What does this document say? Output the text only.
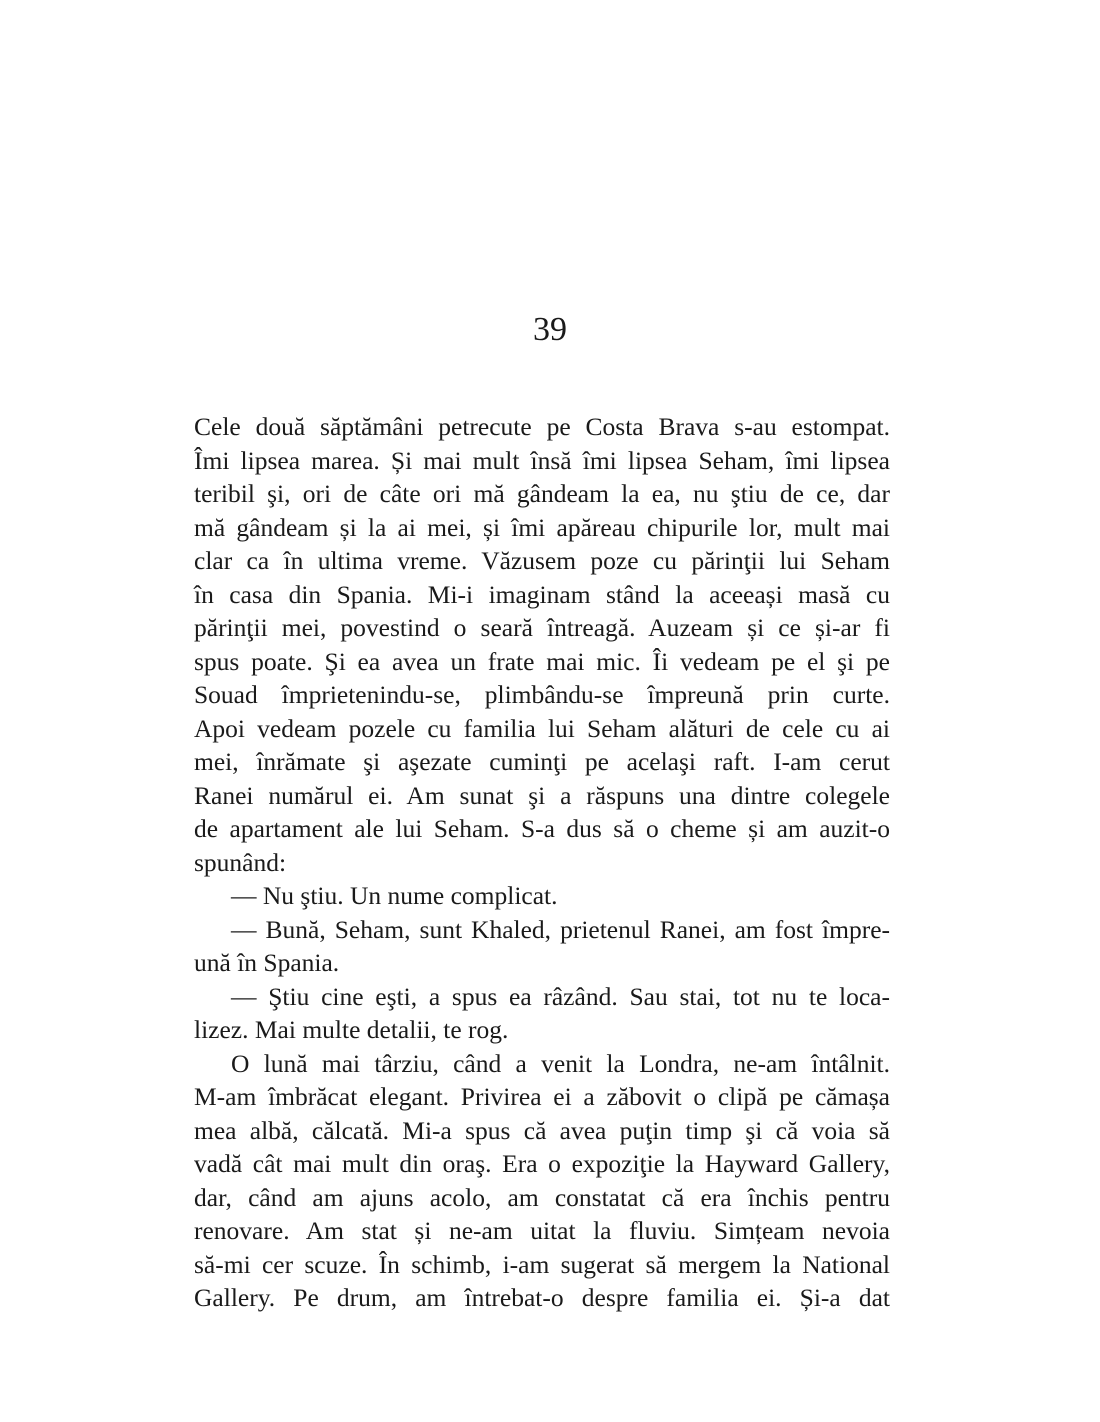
39
Cele două săptămâni petrecute pe Costa Brava s-au estompat.
Îmi lipsea marea. Și mai mult însă îmi lipsea Seham, îmi lipsea
teribil şi, ori de câte ori mă gândeam la ea, nu ştiu de ce, dar
mă gândeam și la ai mei, și îmi apăreau chipurile lor, mult mai
clar ca în ultima vreme. Văzusem poze cu părinţii lui Seham
în casa din Spania. Mi-i imaginam stând la aceeași masă cu
părinţii mei, povestind o seară întreagă. Auzeam și ce și-ar fi
spus poate. Şi ea avea un frate mai mic. Îi vedeam pe el şi pe
Souad împrietenindu-se, plimbându-se împreună prin curte.
Apoi vedeam pozele cu familia lui Seham alături de cele cu ai
mei, înrămate şi aşezate cuminţi pe acelaşi raft. I-am cerut
Ranei numărul ei. Am sunat şi a răspuns una dintre colegele
de apartament ale lui Seham. S-a dus să o cheme și am auzit-o
spunând:
— Nu ştiu. Un nume complicat.
— Bună, Seham, sunt Khaled, prietenul Ranei, am fost împre-
ună în Spania.
— Ştiu cine eşti, a spus ea râzând. Sau stai, tot nu te loca-
lizez. Mai multe detalii, te rog.
O lună mai târziu, când a venit la Londra, ne-am întâlnit.
M-am îmbrăcat elegant. Privirea ei a zăbovit o clipă pe cămașa
mea albă, călcată. Mi-a spus că avea puţin timp şi că voia să
vadă cât mai mult din oraş. Era o expoziţie la Hayward Gallery,
dar, când am ajuns acolo, am constatat că era închis pentru
renovare. Am stat și ne-am uitat la fluviu. Simțeam nevoia
să-mi cer scuze. În schimb, i-am sugerat să mergem la National
Gallery. Pe drum, am întrebat-o despre familia ei. Și-a dat
